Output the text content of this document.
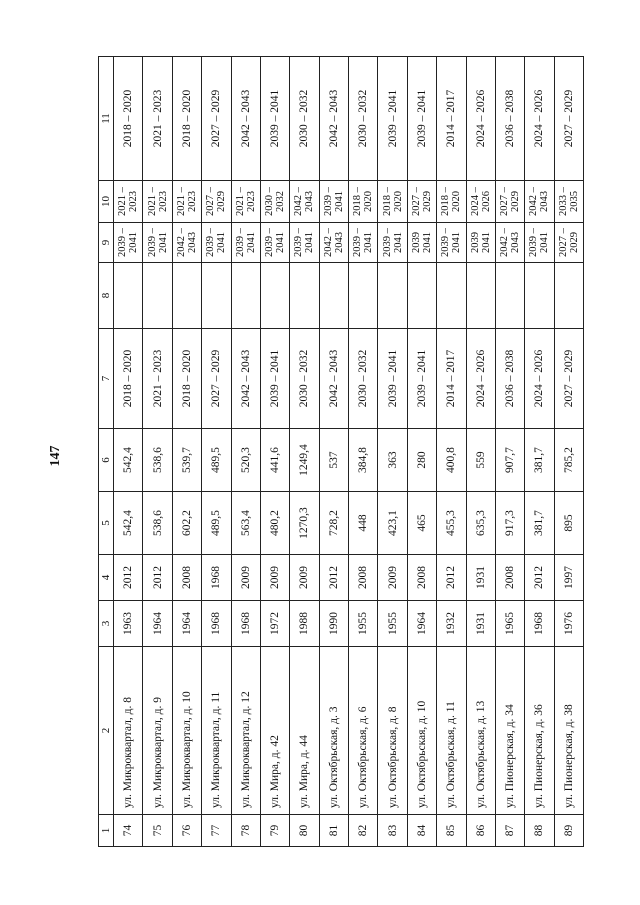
147
1	2	3	4	5	6	7	8	9	10	11
74	ул. Микроквартал, д. 8	1963	2012	542,4	542,4	2018 – 2020		2039 – 2041	2021 – 2023	2018 – 2020
75	ул. Микроквартал, д. 9	1964	2012	538,6	538,6	2021 – 2023		2039 – 2041	2021 – 2023	2021 – 2023
76	ул. Микроквартал, д. 10	1964	2008	602,2	539,7	2018 – 2020		2042 – 2043	2021 – 2023	2018 – 2020
77	ул. Микроквартал, д. 11	1968	1968	489,5	489,5	2027 – 2029		2039 – 2041	2027 – 2029	2027 – 2029
78	ул. Микроквартал, д. 12	1968	2009	563,4	520,3	2042 – 2043		2039 – 2041	2021 – 2023	2042 – 2043
79	ул. Мира, д. 42	1972	2009	480,2	441,6	2039 – 2041		2039 – 2041	2030 – 2032	2039 – 2041
80	ул. Мира, д. 44	1988	2009	1270,3	1249,4	2030 – 2032		2039 – 2041	2042 – 2043	2030 – 2032
81	ул. Октябрьская, д. 3	1990	2012	728,2	537	2042 – 2043		2042 – 2043	2039 – 2041	2042 – 2043
82	ул. Октябрьская, д. 6	1955	2008	448	384,8	2030 – 2032		2039 – 2041	2018 – 2020	2030 – 2032
83	ул. Октябрьская, д. 8	1955	2009	423,1	363	2039 – 2041		2039 – 2041	2018 – 2020	2039 – 2041
84	ул. Октябрьская, д. 10	1964	2008	465	280	2039 – 2041		2039 2041	2027 – 2029	2039 – 2041
85	ул. Октябрьская, д. 11	1932	2012	455,3	400,8	2014 – 2017		2039 – 2041	2018 – 2020	2014 – 2017
86	ул. Октябрьская, д. 13	1931	1931	635,3	559	2024 – 2026		2039 2041	2024 – 2026	2024 – 2026
87	ул. Пионерская, д. 34	1965	2008	917,3	907,7	2036 – 2038		2042 – 2043	2027 – 2029	2036 – 2038
88	ул. Пионерская, д. 36	1968	2012	381,7	381,7	2024 – 2026		2039 – 2041	2042 – 2043	2024 – 2026
89	ул. Пионерская, д. 38	1976	1997	895	785,2	2027 – 2029		2027 – 2029	2033 – 2035	2027 – 2029
